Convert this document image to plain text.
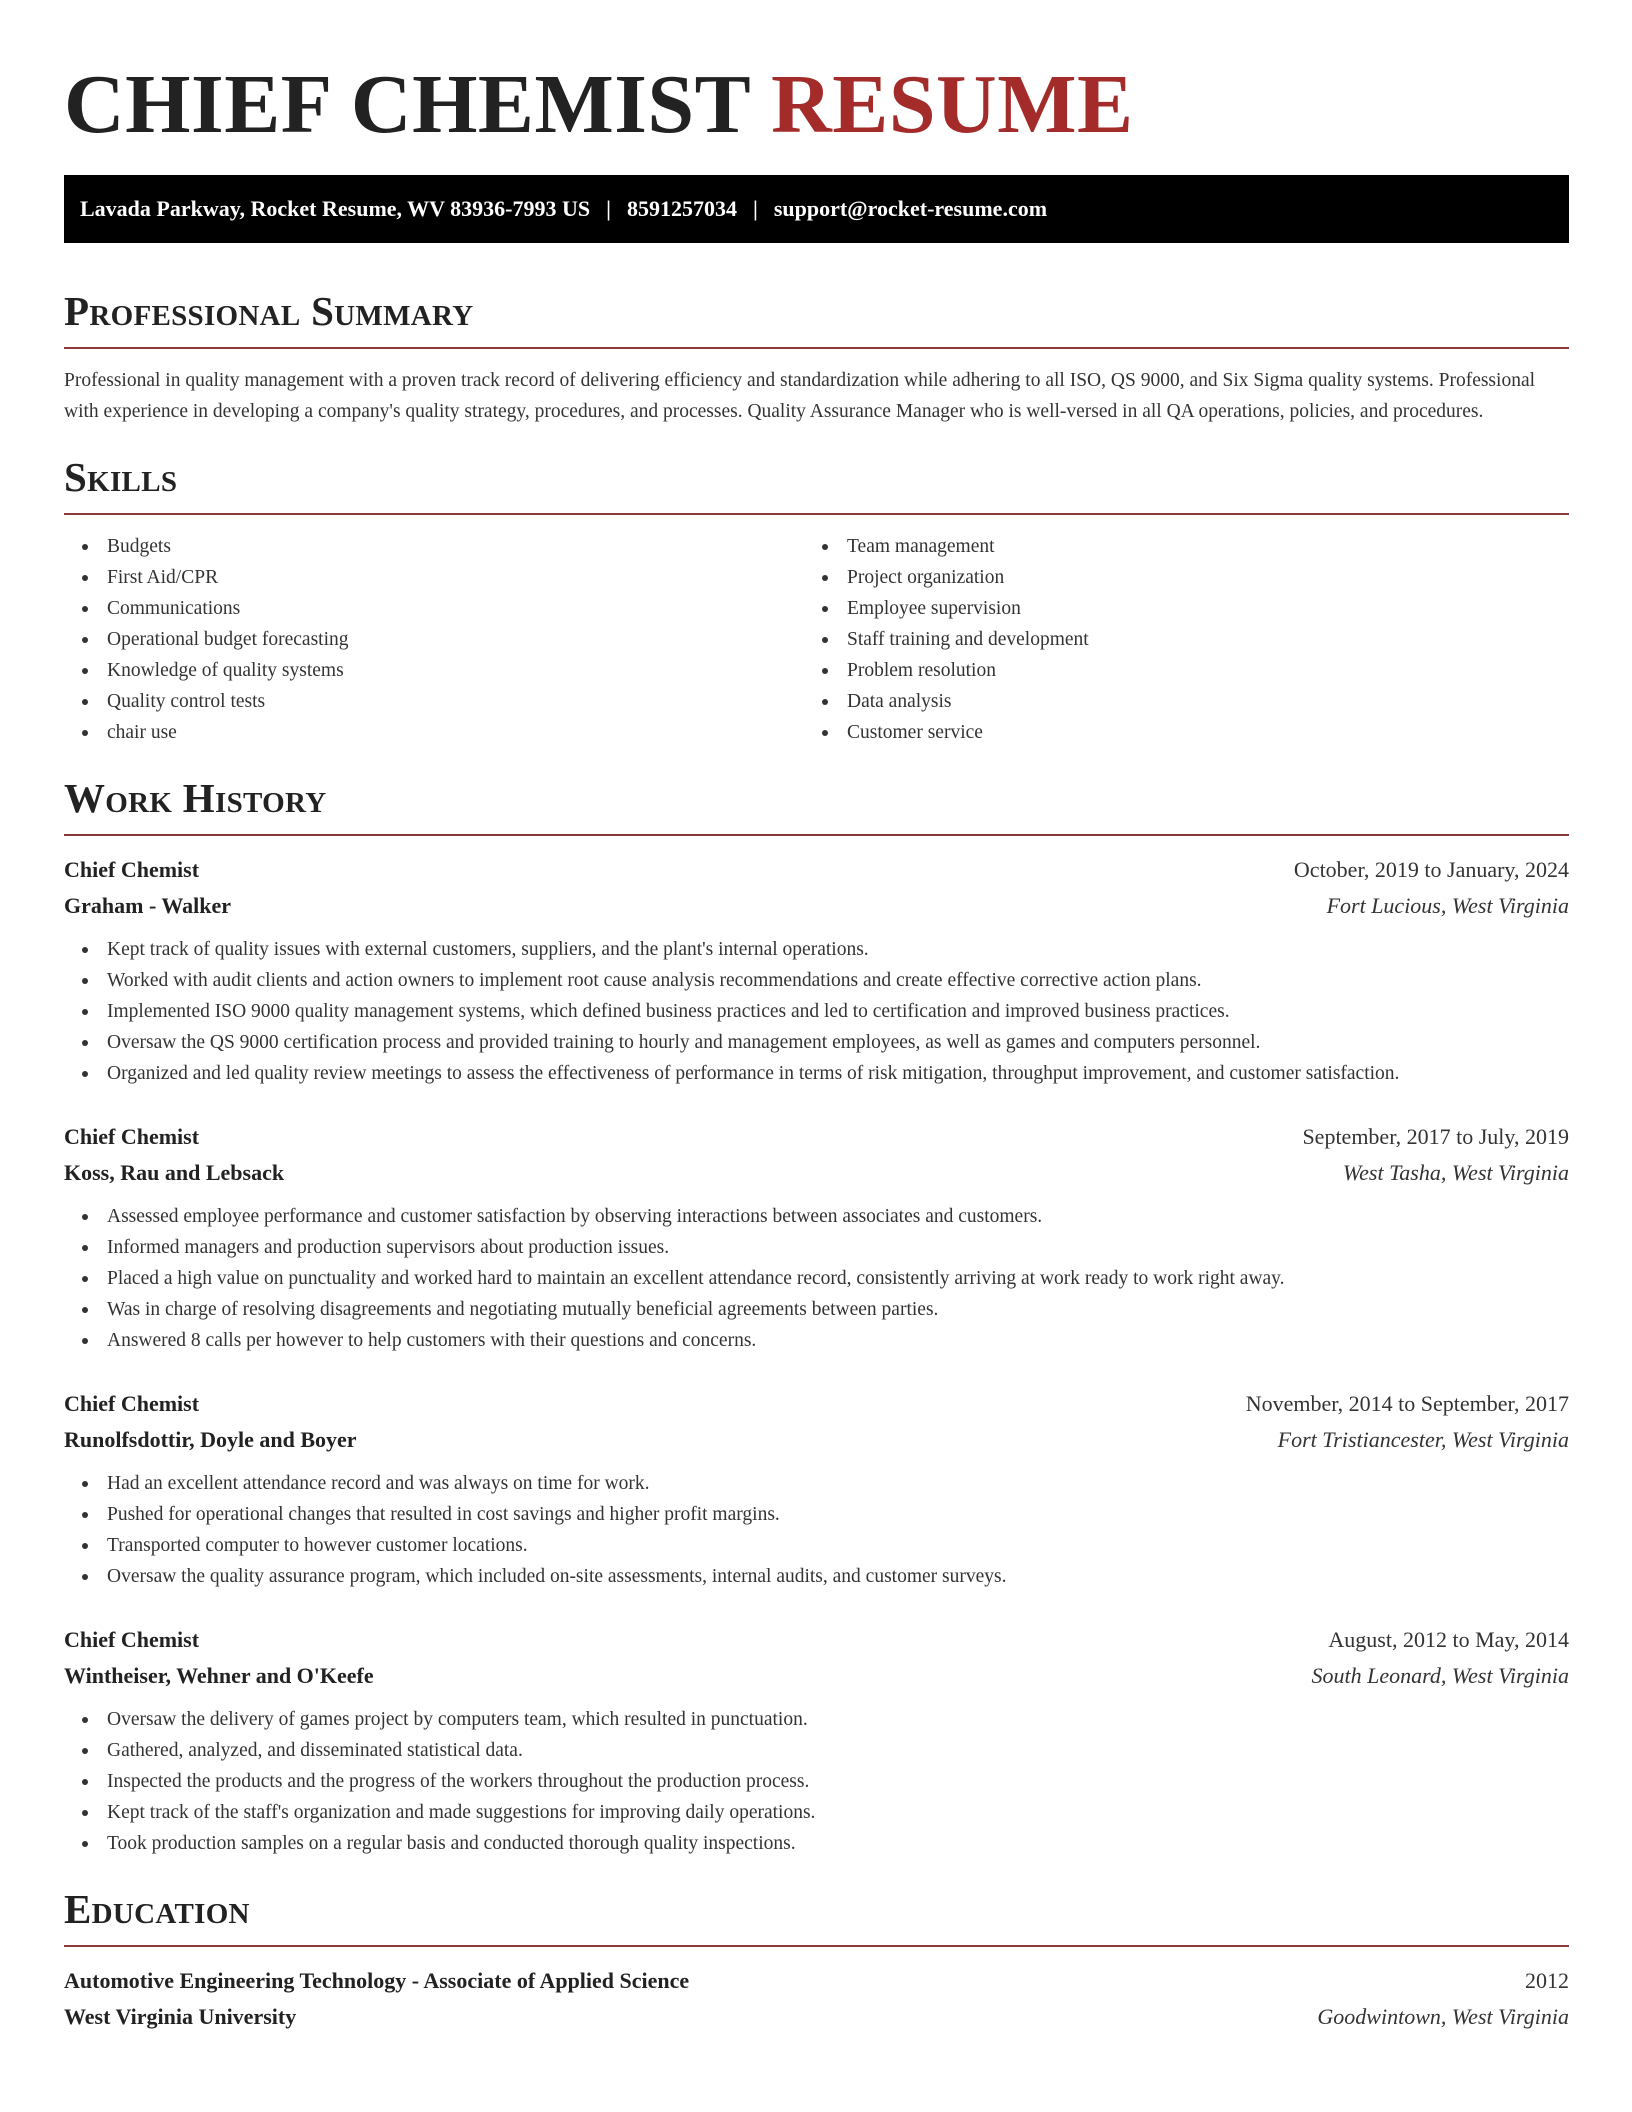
CHIEF CHEMIST RESUME
Lavada Parkway, Rocket Resume, WV 83936-7993 US | 8591257034 | support@rocket-resume.com
Professional Summary

Professional in quality management with a proven track record of delivering efficiency and standardization while adhering to all ISO, QS 9000, and Six Sigma quality systems. Professional with experience in developing a company's quality strategy, procedures, and processes. Quality Assurance Manager who is well-versed in all QA operations, policies, and procedures.

Skills
Budgets
First Aid/CPR
Communications
Operational budget forecasting
Knowledge of quality systems
Quality control tests
chair use
Team management
Project organization
Employee supervision
Staff training and development
Problem resolution
Data analysis
Customer service
Work History
Chief Chemist	October, 2019 to January, 2024
Graham - Walker	Fort Lucious, West Virginia
Kept track of quality issues with external customers, suppliers, and the plant's internal operations.
Worked with audit clients and action owners to implement root cause analysis recommendations and create effective corrective action plans.
Implemented ISO 9000 quality management systems, which defined business practices and led to certification and improved business practices.
Oversaw the QS 9000 certification process and provided training to hourly and management employees, as well as games and computers personnel.
Organized and led quality review meetings to assess the effectiveness of performance in terms of risk mitigation, throughput improvement, and customer satisfaction.
Chief Chemist	September, 2017 to July, 2019
Koss, Rau and Lebsack	West Tasha, West Virginia
Assessed employee performance and customer satisfaction by observing interactions between associates and customers.
Informed managers and production supervisors about production issues.
Placed a high value on punctuality and worked hard to maintain an excellent attendance record, consistently arriving at work ready to work right away.
Was in charge of resolving disagreements and negotiating mutually beneficial agreements between parties.
Answered 8 calls per however to help customers with their questions and concerns.
Chief Chemist	November, 2014 to September, 2017
Runolfsdottir, Doyle and Boyer	Fort Tristiancester, West Virginia
Had an excellent attendance record and was always on time for work.
Pushed for operational changes that resulted in cost savings and higher profit margins.
Transported computer to however customer locations.
Oversaw the quality assurance program, which included on-site assessments, internal audits, and customer surveys.
Chief Chemist	August, 2012 to May, 2014
Wintheiser, Wehner and O'Keefe	South Leonard, West Virginia
Oversaw the delivery of games project by computers team, which resulted in punctuation.
Gathered, analyzed, and disseminated statistical data.
Inspected the products and the progress of the workers throughout the production process.
Kept track of the staff's organization and made suggestions for improving daily operations.
Took production samples on a regular basis and conducted thorough quality inspections.
Education
Automotive Engineering Technology - Associate of Applied Science	2012
West Virginia University	Goodwintown, West Virginia
